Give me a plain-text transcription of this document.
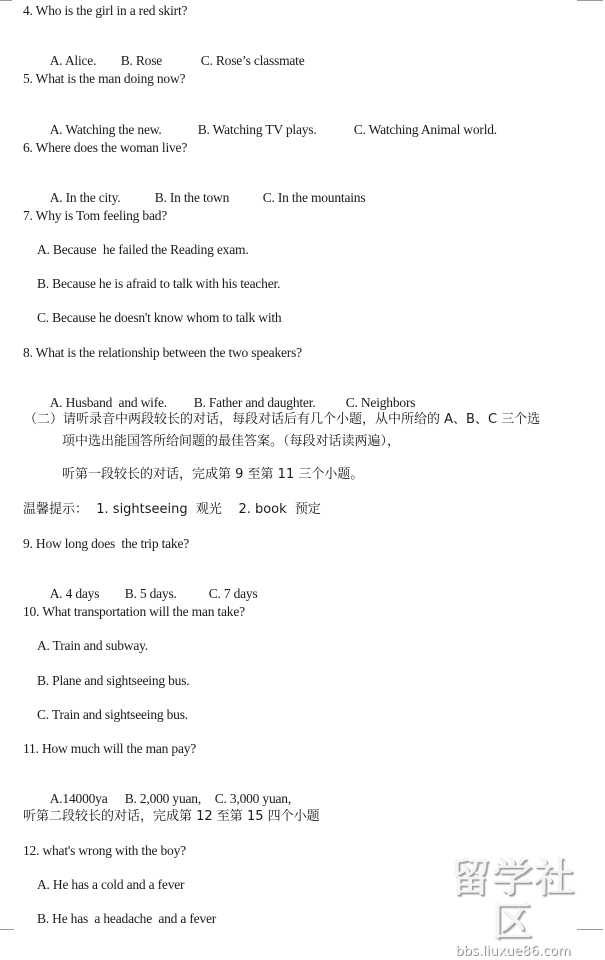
4. Who is the girl in a red skirt?

A. Alice. B. Rose	C. Rose’s classmate

5. What is the man doing now?

A. Watching the new.	B. Watching TV plays.	C. Watching Animal world.

6. Where does the woman live?

A. In the city.	B. In the town C. In the mountains

7. Why is Tom feeling bad?
A. Because  he failed the Reading exam.
B. Because he is afraid to talk with his teacher.
C. Because he doesn't know whom to talk with
8. What is the relationship between the two speakers?

A. Husband  and wife. B. Father and daughter. C. Neighbors

（二）请听录音中两段较长的对话，每段对话后有几个小题，从中所给的 A、B、C 三个选
项中选出能国答所给间题的最佳答案。（每段对话读两遍），
听第一段较长的对话，完成第 9 至第 11 三个小题。
温馨提示：  1. sightseeing  观光    2. book  预定
9. How long does  the trip take?

A. 4 days B. 5 days. C. 7 days

10. What transportation will the man take?
A. Train and subway.
B. Plane and sightseeing bus.
C. Train and sightseeing bus.
11. How much will the man pay?

A.14000ya B. 2,000 yuan, C. 3,000 yuan,

听第二段较长的对话，完成第 12 至第 15 四个小题
12. what's wrong with the boy?
A. He has a cold and a fever
B. He has  a headache  and a fever
留学社区
bbs.liuxue86.com
